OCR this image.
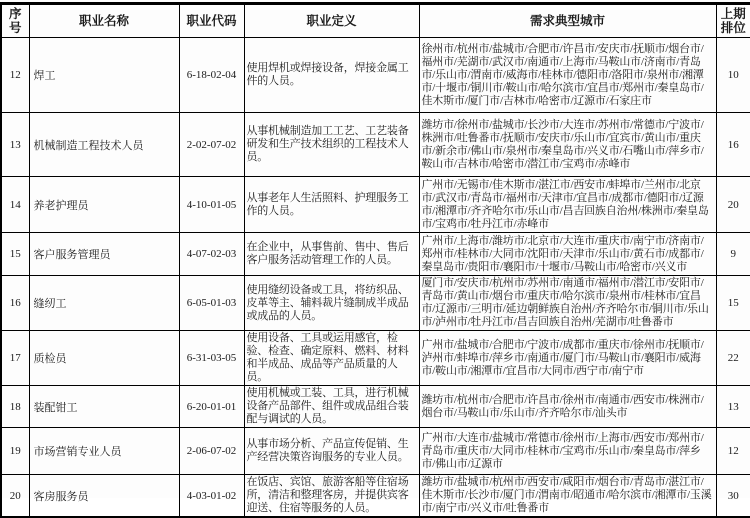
序号	职业名称	职业代码	职业定义	需求典型城市	上期排位
12	焊工	6-18-02-04	使用焊机或焊接设备，焊接金属工件的人员。	徐州市/杭州市/盐城市/合肥市/许昌市/安庆市/抚顺市/烟台市/福州市/芜湖市/武汉市/南通市/上海市/马鞍山市/济南市/青岛市/乐山市/渭南市/威海市/桂林市/德阳市/洛阳市/泉州市/湘潭市/十堰市/铜川市/鞍山市/哈尔滨市/宜昌市/郑州市/秦皇岛市/佳木斯市/厦门市/吉林市/哈密市/辽源市/石家庄市	10
13	机械制造工程技术人员	2-02-07-02	从事机械制造加工工艺、工艺装备研发和生产技术组织的工程技术人员。	潍坊市/徐州市/盐城市/长沙市/大连市/苏州市/常德市/宁波市/株洲市/吐鲁番市/抚顺市/安庆市/乐山市/宜宾市/黄山市/重庆市/新余市/佛山市/泉州市/秦皇岛市/兴义市/石嘴山市/萍乡市/鞍山市/吉林市/哈密市/潜江市/宝鸡市/赤峰市	16
14	养老护理员	4-10-01-05	从事老年人生活照料、护理服务工作的人员。	广州市/无锡市/佳木斯市/湛江市/西安市/蚌埠市/兰州市/北京市/武汉市/青岛市/福州市/天津市/宜昌市/成都市/德阳市/辽源市/湘潭市/齐齐哈尔市/乐山市/昌吉回族自治州/株洲市/秦皇岛市/宝鸡市/牡丹江市/赤峰市	20
15	客户服务管理员	4-07-02-03	在企业中，从事售前、售中、售后客户服务活动管理工作的人员。	广州市/上海市/潍坊市/北京市/大连市/重庆市/南宁市/济南市/郑州市/桂林市/大同市/沈阳市/天津市/乐山市/黄石市/成都市/秦皇岛市/贵阳市/襄阳市/十堰市/马鞍山市/哈密市/兴义市	9
16	缝纫工	6-05-01-03	使用缝纫设备或工具，将纺织品、皮革等主、辅料裁片缝制成半成品或成品的人员。	厦门市/安庆市/杭州市/苏州市/南通市/福州市/潜江市/安阳市/青岛市/黄山市/烟台市/重庆市/哈尔滨市/泉州市/桂林市/宜昌市/辽源市/三明市/延边朝鲜族自治州/齐齐哈尔市/铜川市/乐山市/泸州市/牡丹江市/昌吉回族自治州/芜湖市/吐鲁番市	15
17	质检员	6-31-03-05	使用设备、工具或运用感官，检验、检查、确定原料、燃料、材料和半成品、成品等产品质量的人员。	广州市/盐城市/合肥市/宁波市/成都市/重庆市/徐州市/抚顺市/泸州市/蚌埠市/萍乡市/南通市/厦门市/马鞍山市/襄阳市/威海市/鞍山市/湘潭市/宜昌市/大同市/西宁市/南宁市	22
18	装配钳工	6-20-01-01	使用机械或工装、工具，进行机械设备产品部件、组件或成品组合装配与调试的人员。	潍坊市/杭州市/合肥市/许昌市/徐州市/南通市/西安市/株洲市/烟台市/马鞍山市/乐山市/齐齐哈尔市/汕头市	13
19	市场营销专业人员	2-06-07-02	从事市场分析、产品宣传促销、生产经营决策咨询服务的专业人员。	广州市/大连市/盐城市/常德市/徐州市/上海市/西安市/郑州市/青岛市/重庆市/大同市/桂林市/宝鸡市/乐山市/秦皇岛市/萍乡市/佛山市/辽源市	12
20	客房服务员	4-03-01-02	在饭店、宾馆、旅游客船等住宿场所，清洁和整理客房，并提供宾客迎送、住宿等服务的人员。	潍坊市/盐城市/杭州市/西安市/咸阳市/烟台市/青岛市/湛江市/佳木斯市/长沙市/厦门市/渭南市/昭通市/哈尔滨市/湘潭市/玉溪市/南宁市/兴义市/吐鲁番市	30
